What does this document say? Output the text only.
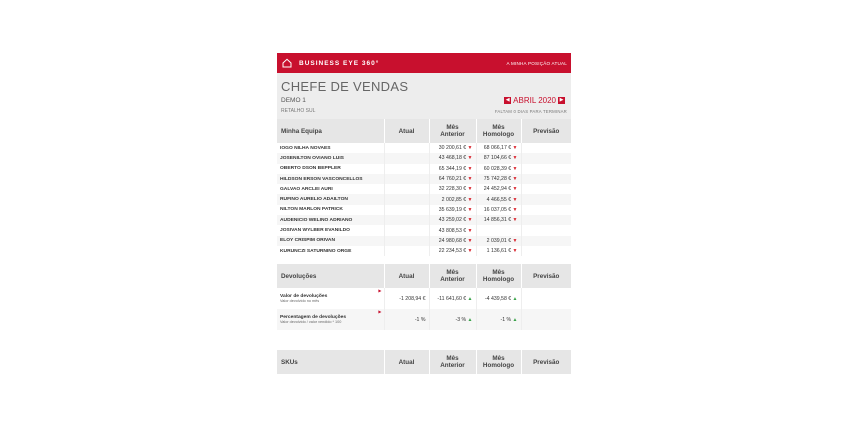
BUSINESS EYE 360°	A MINHA POSIÇÃO ATUAL
CHEFE DE VENDAS
DEMO 1
RETALHO SUL
◀ ABRIL 2020 ▶
FALTAM 0 DIAS PARA TERMINAR
Minha Equipa	Atual	Mês Anterior	Mês Homologo	Previsão
IOGO NILHA NOVAES		30 200,61 € ▼	68 066,17 € ▼	
JOSENILTON OVIANO LUIS		43 468,18 € ▼	87 104,66 € ▼	
OBERTO DSON BEPPLER		65 344,19 € ▼	60 028,39 € ▼	
HILDSON ERSON VASCONCELLOS		64 760,21 € ▼	75 742,28 € ▼	
GALVAO ARCLEI AURI		32 228,30 € ▼	24 452,94 € ▼	
RUFINO AURELIO ADAILTON		2 002,85 € ▼	4 466,55 € ▼	
NILTON MARLON PATRICK		35 639,19 € ▼	16 037,05 € ▼	
AUDENICIO WELINO ADRIANO		43 259,02 € ▼	14 856,31 € ▼	
JOSIVAN WYLBER EVANILDO		43 808,53 € ▼		
ELOY CRISPIM ORIVAN		24 980,68 € ▼	2 039,01 € ▼	
KURUNCZI SATURNINO ORGE		22 234,53 € ▼	1 136,61 € ▼	
Devoluções	Atual	Mês Anterior	Mês Homologo	Previsão
Valor de devoluções
Valor devolvido no mês
▶	-1 208,94 €	-11 641,60 € ▲	-4 439,58 € ▲	
Percentagem de devoluções
Valor devolvido / valor vendido * 100
▶	-1 %	-3 % ▲	-1 % ▲	
SKUs	Atual	Mês Anterior	Mês Homologo	Previsão
